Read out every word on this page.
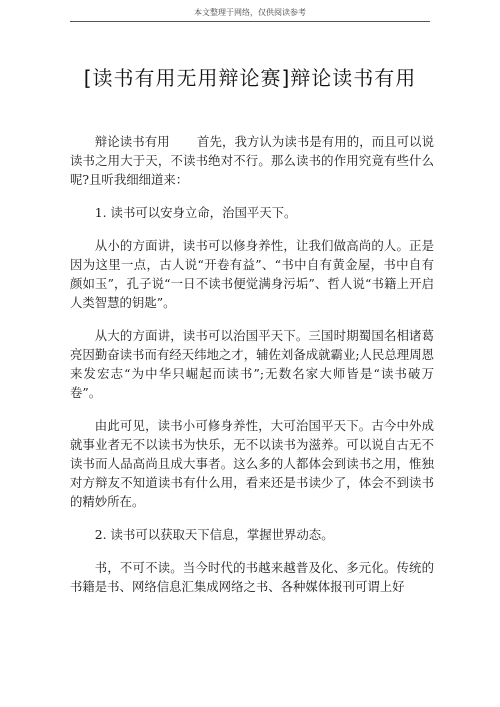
本文整理于网络，仅供阅读参考
[读书有用无用辩论赛]辩论读书有用

辩论读书有用 首先，我方认为读书是有用的，而且可以说读书之用大于天，不读书绝对不行。那么读书的作用究竟有些什么呢?且听我细细道来：

1. 读书可以安身立命，治国平天下。

从小的方面讲，读书可以修身养性，让我们做高尚的人。正是因为这里一点，古人说“开卷有益”、“书中自有黄金屋，书中自有颜如玉”，孔子说“一日不读书便觉满身污垢”、哲人说“书籍上开启人类智慧的钥匙”。

从大的方面讲，读书可以治国平天下。三国时期蜀国名相诸葛亮因勤奋读书而有经天纬地之才，辅佐刘备成就霸业;人民总理周恩来发宏志“为中华只崛起而读书”;无数名家大师皆是“读书破万卷”。

由此可见，读书小可修身养性，大可治国平天下。古今中外成就事业者无不以读书为快乐，无不以读书为滋养。可以说自古无不读书而人品高尚且成大事者。这么多的人都体会到读书之用，惟独对方辩友不知道读书有什么用，看来还是书读少了，体会不到读书的精妙所在。

2. 读书可以获取天下信息，掌握世界动态。

书，不可不读。当今时代的书越来越普及化、多元化。传统的书籍是书、网络信息汇集成网络之书、各种媒体报刊可谓上好
